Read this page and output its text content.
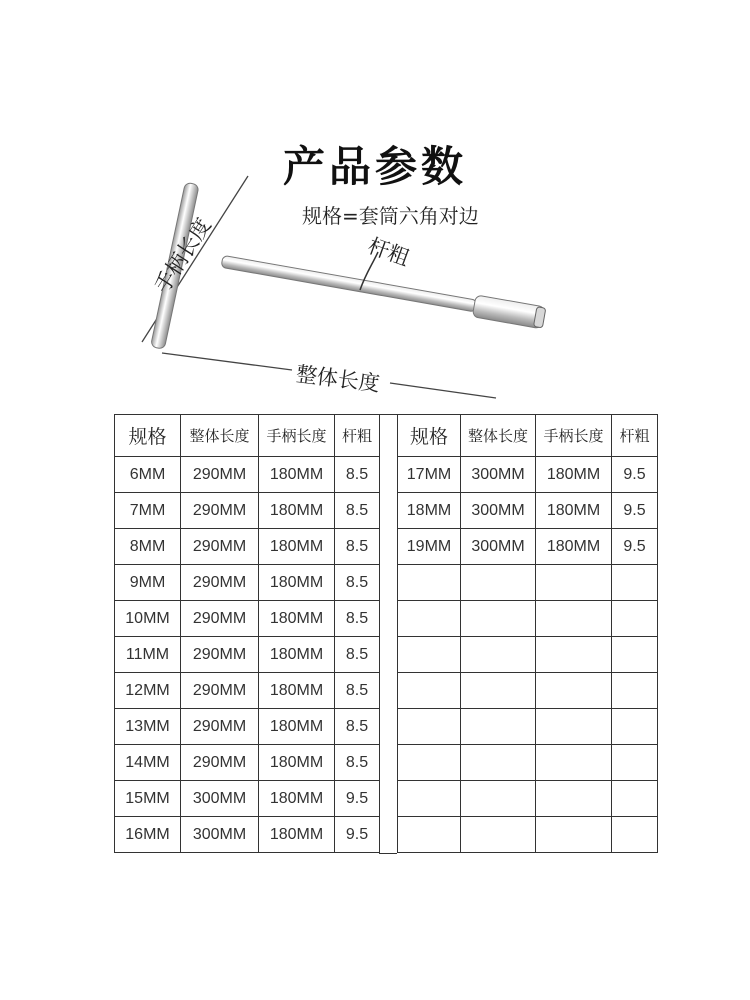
产品参数
规格=套筒六角对边
手柄长度	杆粗
整体长度
规格	整体长度	手柄长度	杆粗
6MM	290MM	180MM	8.5
7MM	290MM	180MM	8.5
8MM	290MM	180MM	8.5
9MM	290MM	180MM	8.5
10MM	290MM	180MM	8.5
11MM	290MM	180MM	8.5
12MM	290MM	180MM	8.5
13MM	290MM	180MM	8.5
14MM	290MM	180MM	8.5
15MM	300MM	180MM	9.5
16MM	300MM	180MM	9.5
规格	整体长度	手柄长度	杆粗
17MM	300MM	180MM	9.5
18MM	300MM	180MM	9.5
19MM	300MM	180MM	9.5
